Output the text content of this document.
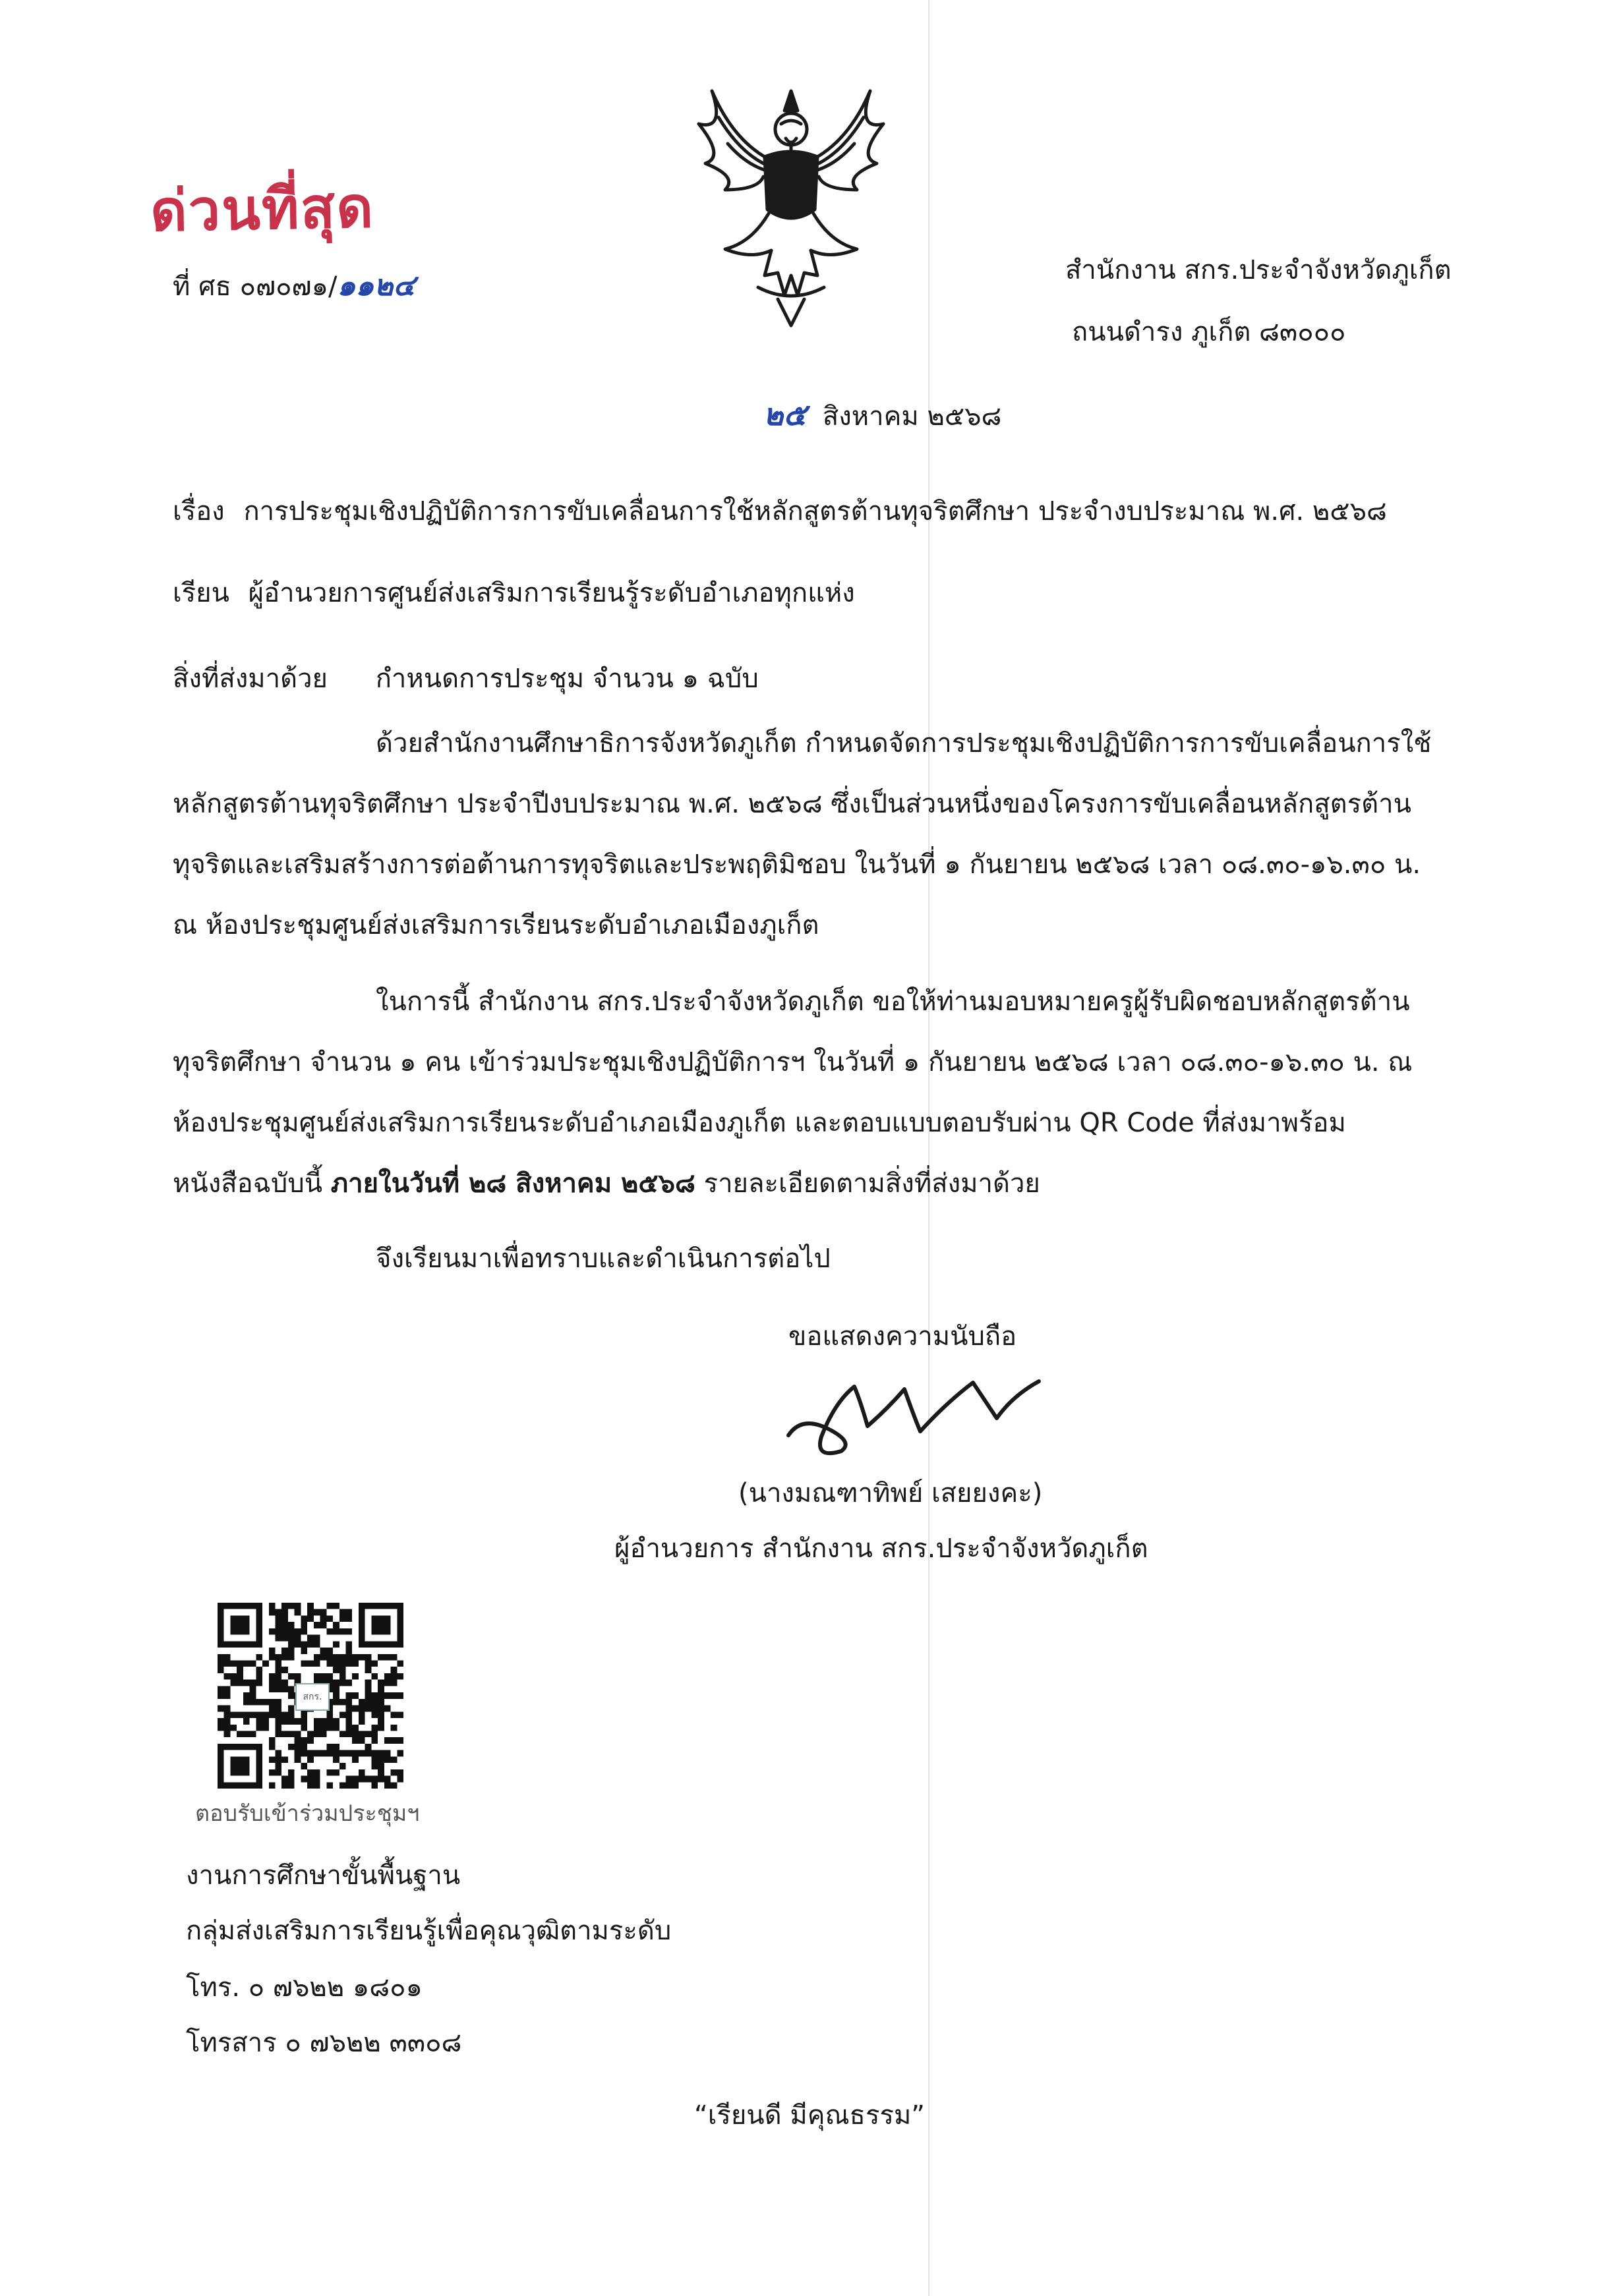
ด่วนที่สุด
ที่ ศธ ๐๗๐๗๑/๑๑๒๔	สำนักงาน สกร.ประจำจังหวัดภูเก็ต
ถนนดำรง ภูเก็ต ๘๓๐๐๐
๒๕ สิงหาคม ๒๕๖๘
เรื่อง การประชุมเชิงปฏิบัติการการขับเคลื่อนการใช้หลักสูตรต้านทุจริตศึกษา ประจำงบประมาณ พ.ศ. ๒๕๖๘
เรียน ผู้อำนวยการศูนย์ส่งเสริมการเรียนรู้ระดับอำเภอทุกแห่ง
สิ่งที่ส่งมาด้วย กำหนดการประชุม จำนวน ๑ ฉบับ
ด้วยสำนักงานศึกษาธิการจังหวัดภูเก็ต กำหนดจัดการประชุมเชิงปฏิบัติการการขับเคลื่อนการใช้
หลักสูตรต้านทุจริตศึกษา ประจำปีงบประมาณ พ.ศ. ๒๕๖๘ ซึ่งเป็นส่วนหนึ่งของโครงการขับเคลื่อนหลักสูตรต้าน
ทุจริตและเสริมสร้างการต่อต้านการทุจริตและประพฤติมิชอบ ในวันที่ ๑ กันยายน ๒๕๖๘ เวลา ๐๘.๓๐-๑๖.๓๐ น.
ณ ห้องประชุมศูนย์ส่งเสริมการเรียนระดับอำเภอเมืองภูเก็ต
ในการนี้ สำนักงาน สกร.ประจำจังหวัดภูเก็ต ขอให้ท่านมอบหมายครูผู้รับผิดชอบหลักสูตรต้าน
ทุจริตศึกษา จำนวน ๑ คน เข้าร่วมประชุมเชิงปฏิบัติการฯ ในวันที่ ๑ กันยายน ๒๕๖๘ เวลา ๐๘.๓๐-๑๖.๓๐ น. ณ
ห้องประชุมศูนย์ส่งเสริมการเรียนระดับอำเภอเมืองภูเก็ต และตอบแบบตอบรับผ่าน QR Code ที่ส่งมาพร้อม
หนังสือฉบับนี้ ภายในวันที่ ๒๘ สิงหาคม ๒๕๖๘ รายละเอียดตามสิ่งที่ส่งมาด้วย
จึงเรียนมาเพื่อทราบและดำเนินการต่อไป
ขอแสดงความนับถือ
(นางมณฑาทิพย์ เสยยงคะ)
ผู้อำนวยการ สำนักงาน สกร.ประจำจังหวัดภูเก็ต
สกร.
ตอบรับเข้าร่วมประชุมฯ
งานการศึกษาขั้นพื้นฐาน
กลุ่มส่งเสริมการเรียนรู้เพื่อคุณวุฒิตามระดับ
โทร. ๐ ๗๖๒๒ ๑๘๐๑
โทรสาร ๐ ๗๖๒๒ ๓๓๐๘
“เรียนดี มีคุณธรรม”
